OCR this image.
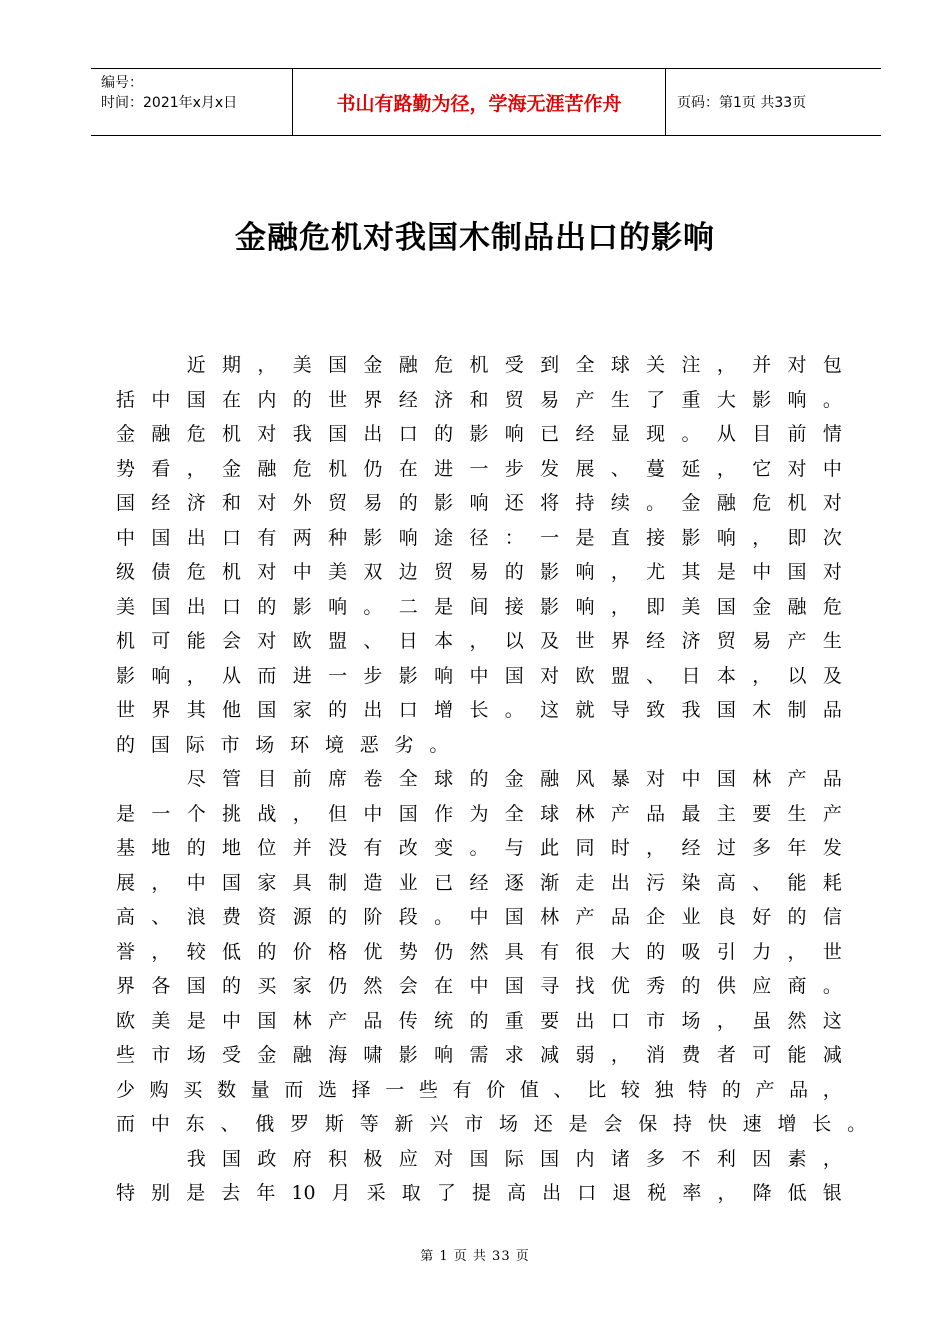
编号：
时间：2021年x月x日	书山有路勤为径，学海无涯苦作舟	页码：第1页 共33页
金融危机对我国木制品出口的影响

近 期 ， 美 国 金 融 危 机 受 到 全 球 关 注 ， 并 对 包
括 中 国 在 内 的 世 界 经 济 和 贸 易 产 生 了 重 大 影 响 。
金 融 危 机 对 我 国 出 口 的 影 响 已 经 显 现 。 从 目 前 情
势 看 ， 金 融 危 机 仍 在 进 一 步 发 展 、 蔓 延 ， 它 对 中
国 经 济 和 对 外 贸 易 的 影 响 还 将 持 续 。 金 融 危 机 对
中 国 出 口 有 两 种 影 响 途 径 ： 一 是 直 接 影 响 ， 即 次
级 债 危 机 对 中 美 双 边 贸 易 的 影 响 ， 尤 其 是 中 国 对
美 国 出 口 的 影 响 。 二 是 间 接 影 响 ， 即 美 国 金 融 危
机 可 能 会 对 欧 盟 、 日 本 ， 以 及 世 界 经 济 贸 易 产 生
影 响 ， 从 而 进 一 步 影 响 中 国 对 欧 盟 、 日 本 ， 以 及
世 界 其 他 国 家 的 出 口 增 长 。 这 就 导 致 我 国 木 制 品
的 国 际 市 场 环 境 恶 劣 。

尽 管 目 前 席 卷 全 球 的 金 融 风 暴 对 中 国 林 产 品
是 一 个 挑 战 ， 但 中 国 作 为 全 球 林 产 品 最 主 要 生 产
基 地 的 地 位 并 没 有 改 变 。 与 此 同 时 ， 经 过 多 年 发
展 ， 中 国 家 具 制 造 业 已 经 逐 渐 走 出 污 染 高 、 能 耗
高 、 浪 费 资 源 的 阶 段 。 中 国 林 产 品 企 业 良 好 的 信
誉 ， 较 低 的 价 格 优 势 仍 然 具 有 很 大 的 吸 引 力 ， 世
界 各 国 的 买 家 仍 然 会 在 中 国 寻 找 优 秀 的 供 应 商 。
欧 美 是 中 国 林 产 品 传 统 的 重 要 出 口 市 场 ， 虽 然 这
些 市 场 受 金 融 海 啸 影 响 需 求 减 弱 ， 消 费 者 可 能 减
少 购 买 数 量 而 选 择 一 些 有 价 值 、 比 较 独 特 的 产 品 ，
而 中 东 、 俄 罗 斯 等 新 兴 市 场 还 是 会 保 持 快 速 增 长 。

我 国 政 府 积 极 应 对 国 际 国 内 诸 多 不 利 因 素 ，
特 别 是 去 年 10 月 采 取 了 提 高 出 口 退 税 率 ， 降 低 银
第 1 页 共 33 页
